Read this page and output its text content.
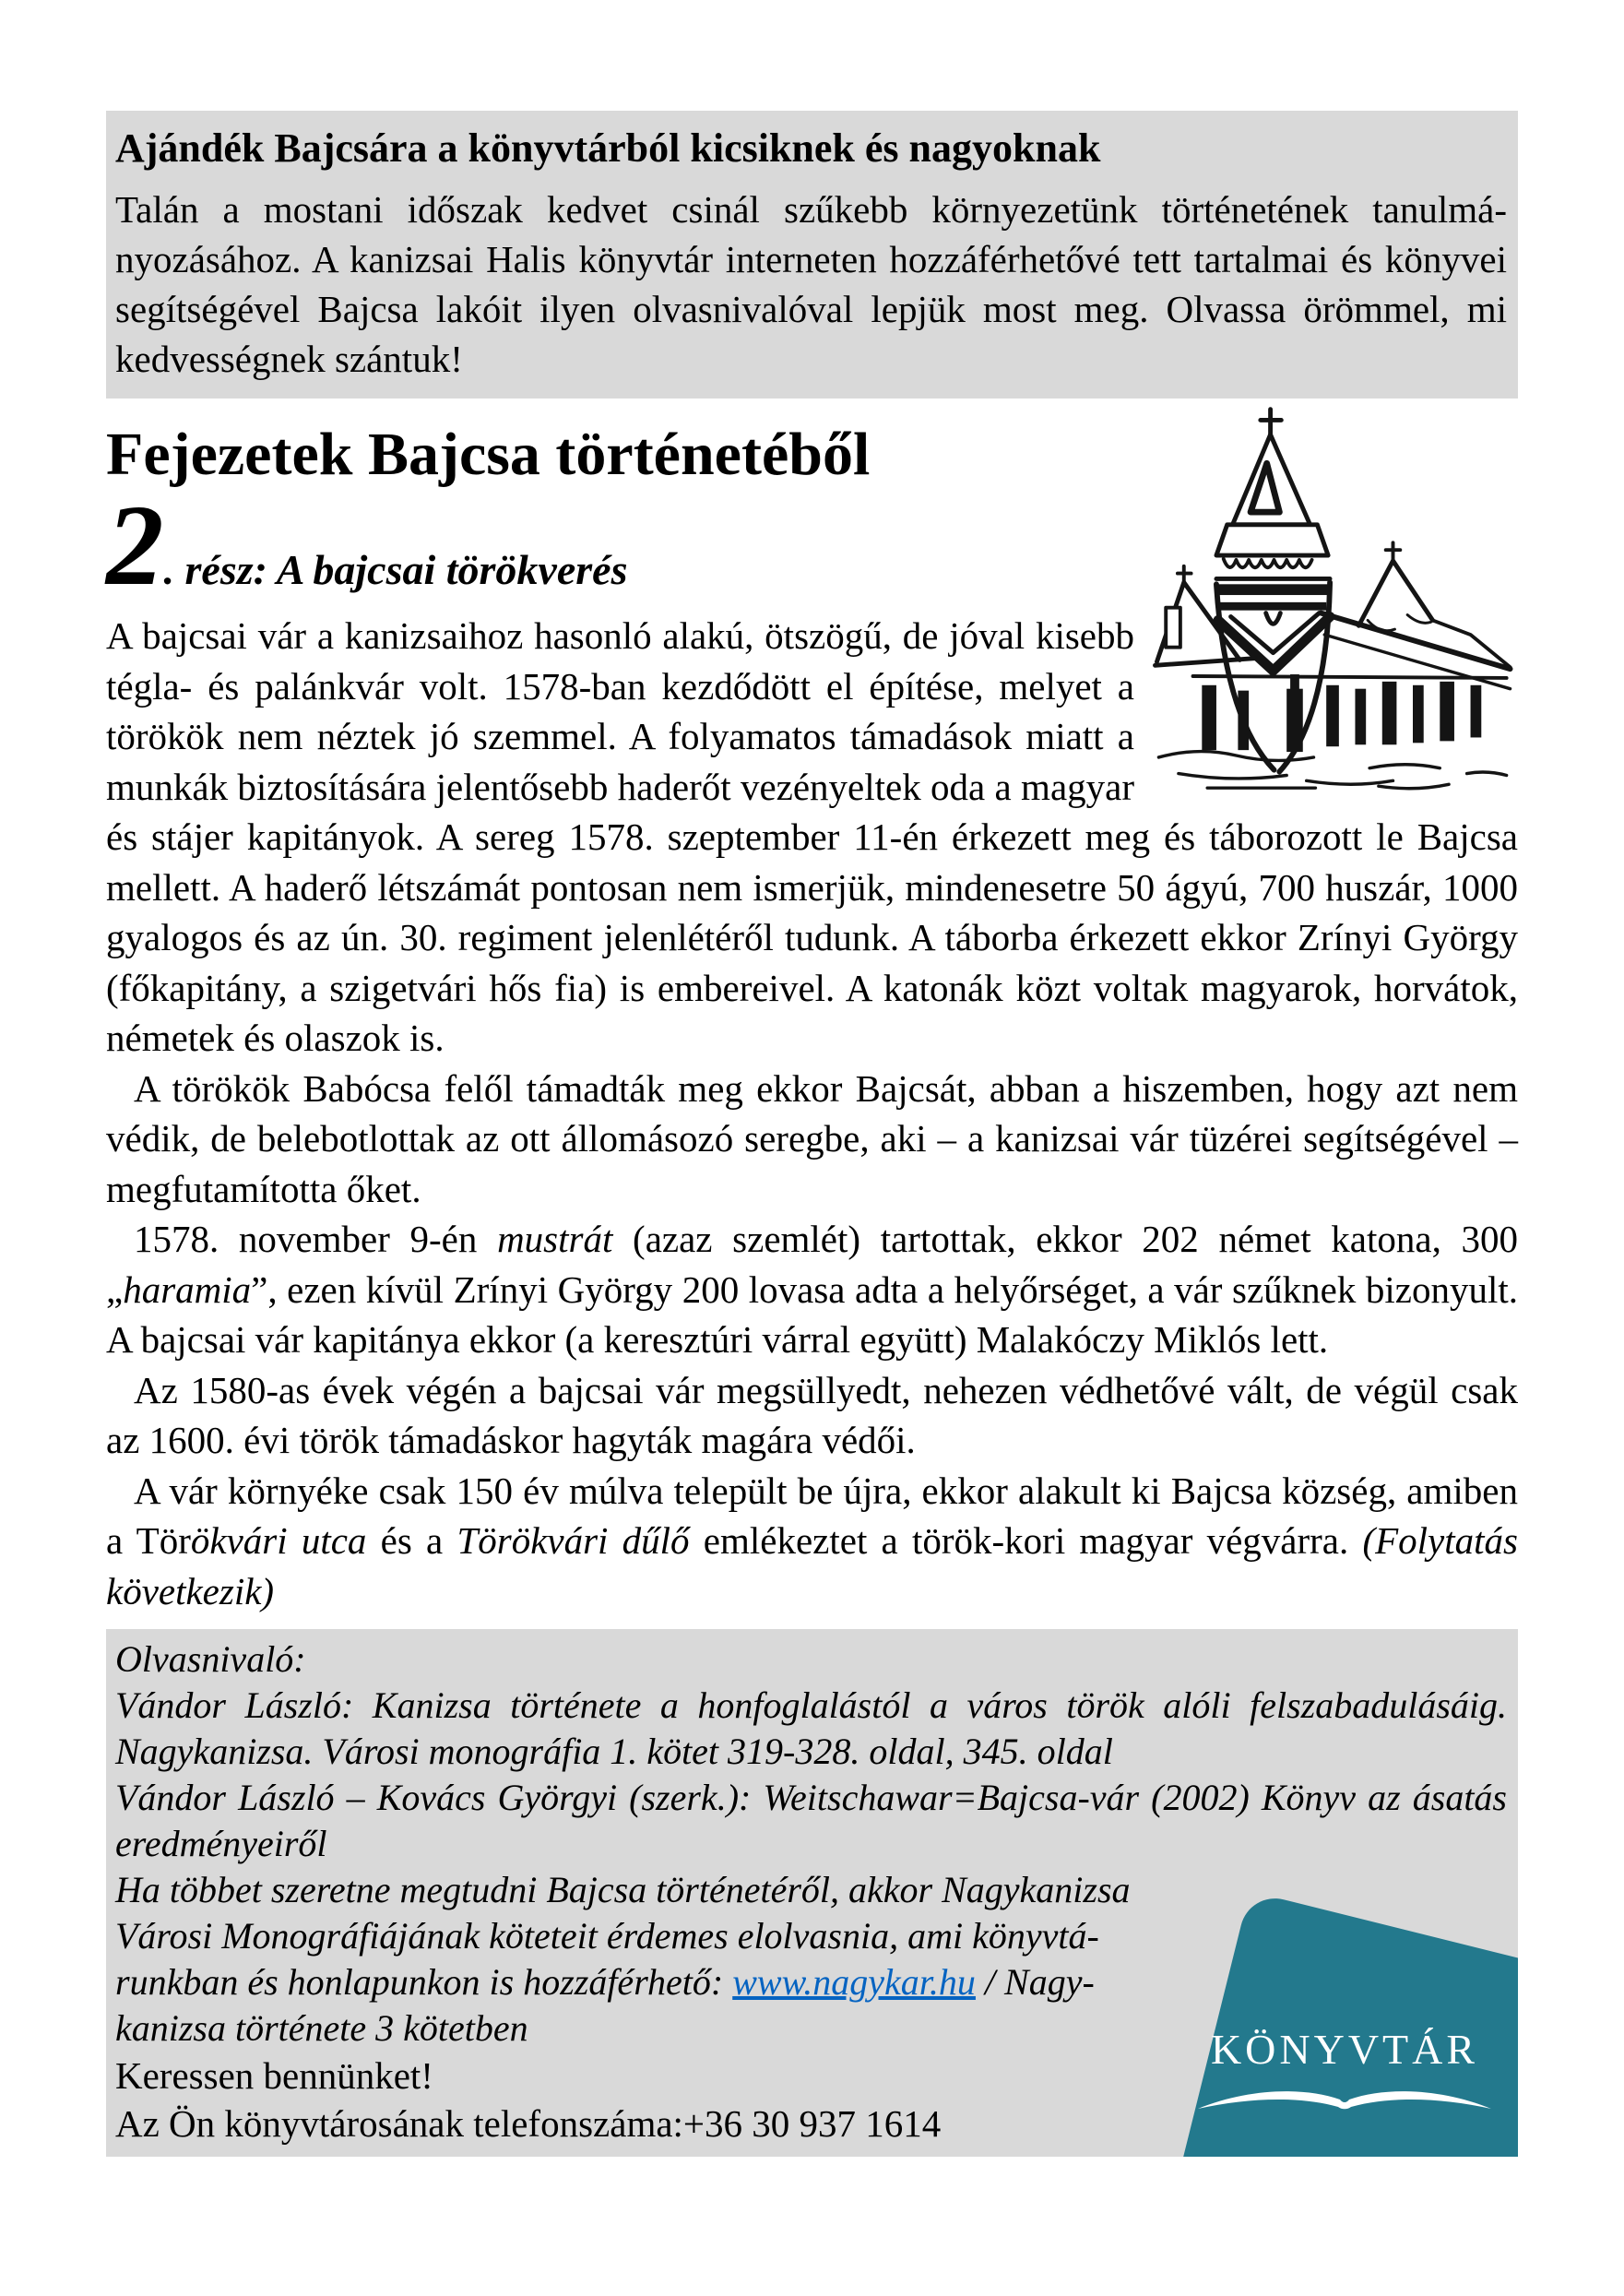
Ajándék Bajcsára a könyvtárból kicsiknek és nagyoknak

Talán a mostani időszak kedvet csinál szűkebb környezetünk történetének tanulmányozásához. A kanizsai Halis könyvtár interneten hozzáférhetővé tett tartalmai és könyvei segítségével Bajcsa lakóit ilyen olvasnivalóval lepjük most meg. Olvassa örömmel, mi kedvességnek szántuk!

Fejezetek Bajcsa történetéből
2. rész: A bajcsai törökverés

A bajcsai vár a kanizsaihoz hasonló alakú, ötszögű, de jóval kisebb tégla- és palánkvár volt. 1578-ban kezdődött el építése, melyet a törökök nem néztek jó szemmel. A folyamatos támadások miatt a munkák biztosítására jelentősebb haderőt vezényeltek oda a magyar és stájer kapitányok. A sereg 1578. szeptember 11-én érkezett meg és táborozott le Bajcsa mellett. A haderő létszámát pontosan nem ismerjük, mindenesetre 50 ágyú, 700 huszár, 1000 gyalogos és az ún. 30. regiment jelenlétéről tudunk. A táborba érkezett ekkor Zrínyi György (főkapitány, a szigetvári hős fia) is embereivel. A katonák közt voltak magyarok, horvátok, németek és olaszok is.

A törökök Babócsa felől támadták meg ekkor Bajcsát, abban a hiszemben, hogy azt nem védik, de belebotlottak az ott állomásozó seregbe, aki – a kanizsai vár tüzérei segítségével – megfutamította őket.

1578. november 9-én mustrát (azaz szemlét) tartottak, ekkor 202 német katona, 300 „haramia”, ezen kívül Zrínyi György 200 lovasa adta a helyőrséget, a vár szűknek bizonyult. A bajcsai vár kapitánya ekkor (a keresztúri várral együtt) Malakóczy Miklós lett.

Az 1580-as évek végén a bajcsai vár megsüllyedt, nehezen védhetővé vált, de végül csak az 1600. évi török támadáskor hagyták magára védői.

A vár környéke csak 150 év múlva települt be újra, ekkor alakult ki Bajcsa község, amiben a Törökvári utca és a Törökvári dűlő emlékeztet a török-kori magyar végvárra. (Folytatás következik)

Olvasnivaló:

Vándor László: Kanizsa története a honfoglalástól a város török alóli felszabadulásáig. Nagykanizsa. Városi monográfia 1. kötet 319-328. oldal, 345. oldal

Vándor László – Kovács Györgyi (szerk.): Weitschawar=Bajcsa-vár (2002) Könyv az ásatás eredményeiről

Ha többet szeretne megtudni Bajcsa történetéről, akkor Nagykanizsa
Városi Monográfiájának köteteit érdemes elolvasnia, ami könyvtá-
runkban és honlapunkon is hozzáférhető: www.nagykar.hu / Nagy-
kanizsa története 3 kötetben

Keressen bennünket!

Az Ön könyvtárosának telefonszáma:+36 30 937 1614

KÖNYVTÁR
